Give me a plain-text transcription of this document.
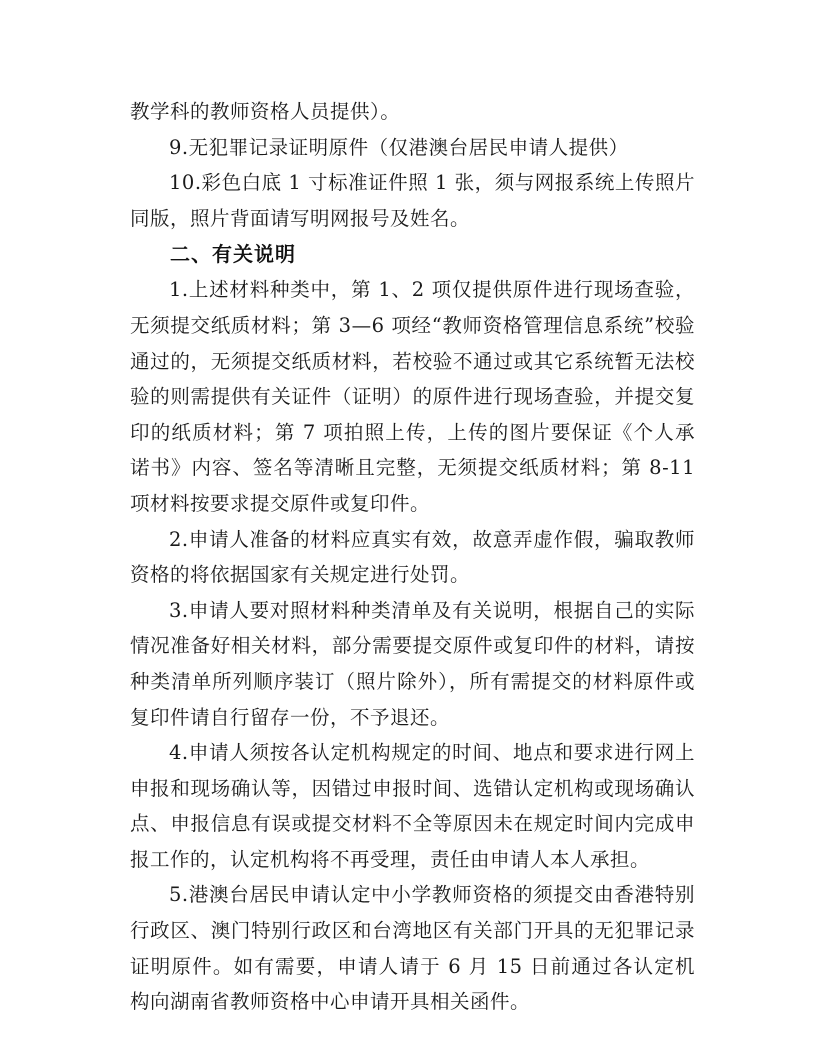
教学科的教师资格人员提供）。

9.无犯罪记录证明原件（仅港澳台居民申请人提供）

10.彩色白底 1 寸标准证件照 1 张，须与网报系统上传照片同版，照片背面请写明网报号及姓名。

二、有关说明

1.上述材料种类中，第 1、2 项仅提供原件进行现场查验，无须提交纸质材料；第 3—6 项经“教师资格管理信息系统”校验通过的，无须提交纸质材料，若校验不通过或其它系统暂无法校验的则需提供有关证件（证明）的原件进行现场查验，并提交复印的纸质材料；第 7 项拍照上传，上传的图片要保证《个人承诺书》内容、签名等清晰且完整，无须提交纸质材料；第 8-11 项材料按要求提交原件或复印件。

2.申请人准备的材料应真实有效，故意弄虚作假，骗取教师资格的将依据国家有关规定进行处罚。

3.申请人要对照材料种类清单及有关说明，根据自己的实际情况准备好相关材料，部分需要提交原件或复印件的材料，请按种类清单所列顺序装订（照片除外），所有需提交的材料原件或复印件请自行留存一份，不予退还。

4.申请人须按各认定机构规定的时间、地点和要求进行网上申报和现场确认等，因错过申报时间、选错认定机构或现场确认点、申报信息有误或提交材料不全等原因未在规定时间内完成申报工作的，认定机构将不再受理，责任由申请人本人承担。

5.港澳台居民申请认定中小学教师资格的须提交由香港特别行政区、澳门特别行政区和台湾地区有关部门开具的无犯罪记录证明原件。如有需要，申请人请于 6 月 15 日前通过各认定机构向湖南省教师资格中心申请开具相关函件。
